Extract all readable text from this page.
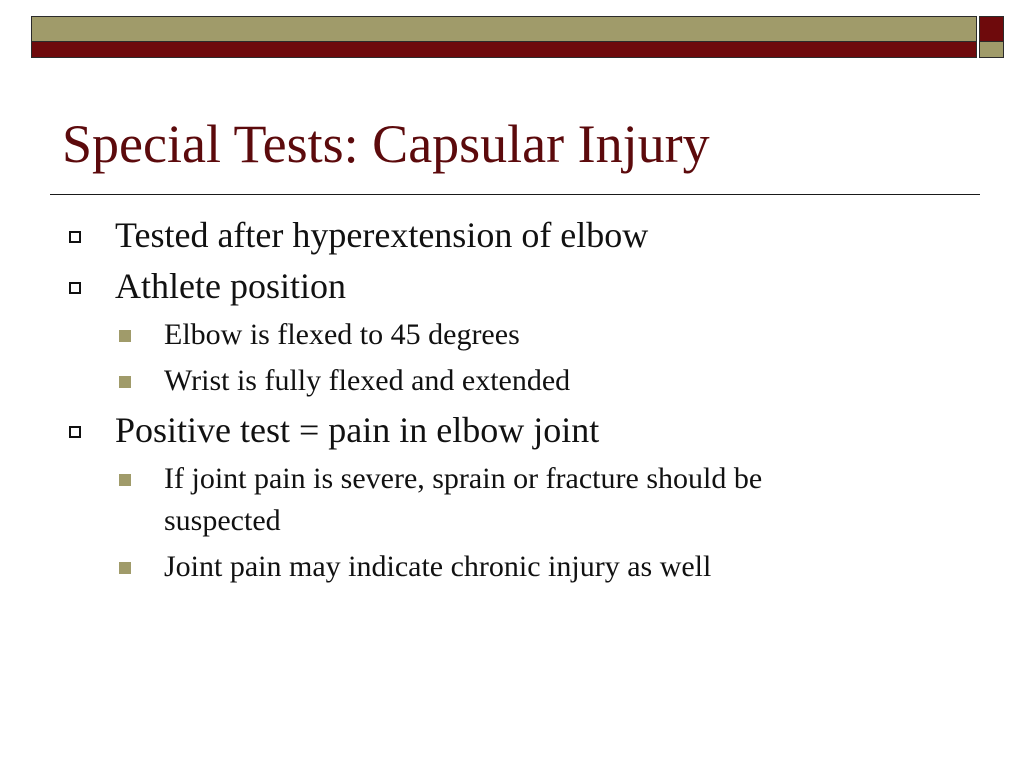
Special Tests: Capsular Injury
Tested after hyperextension of elbow
Athlete position
Elbow is flexed to 45 degrees
Wrist is fully flexed and extended
Positive test = pain in elbow joint
If joint pain is severe, sprain or fracture should be
suspected
Joint pain may indicate chronic injury as well
